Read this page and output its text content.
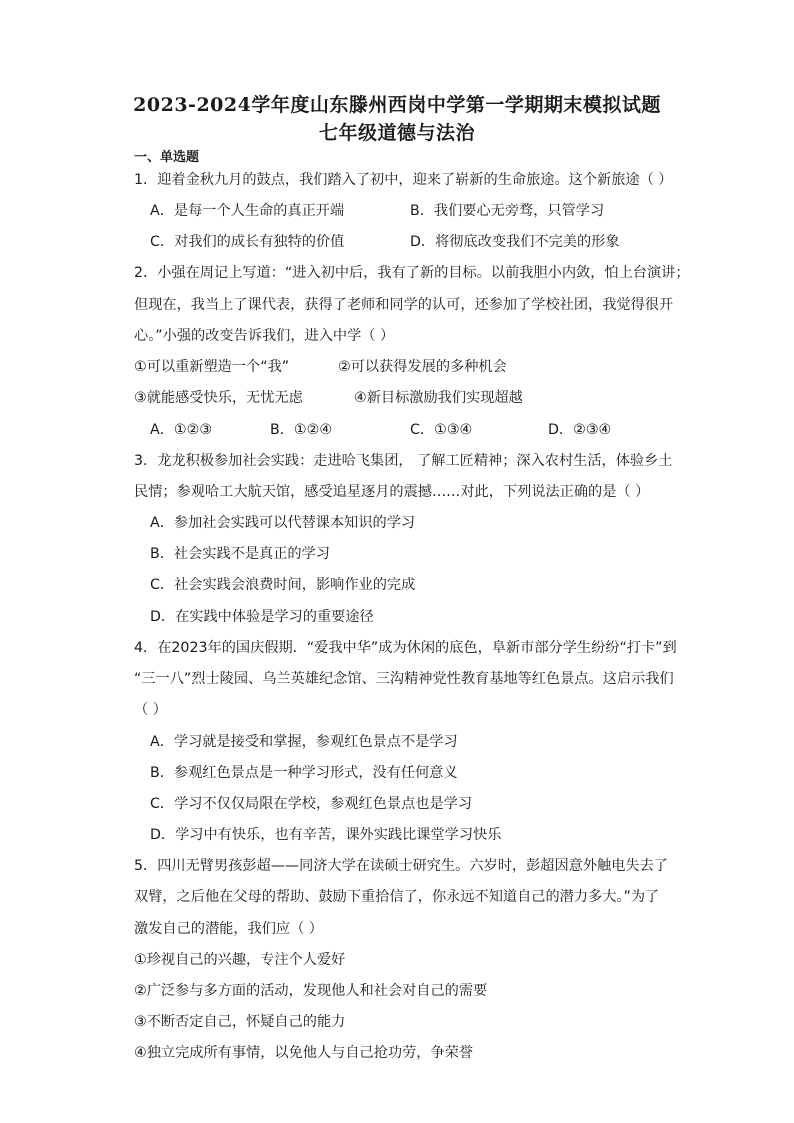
2023-2024学年度山东滕州西岗中学第一学期期末模拟试题
七年级道德与法治
一、单选题
1．迎着金秋九月的鼓点，我们踏入了初中，迎来了崭新的生命旅途。这个新旅途（ ）
A．是每一个人生命的真正开端	B．我们要心无旁骛，只管学习
C．对我们的成长有独特的价值	D．将彻底改变我们不完美的形象
2．小强在周记上写道：“进入初中后，我有了新的目标。以前我胆小内敛，怕上台演讲；
但现在，我当上了课代表，获得了老师和同学的认可，还参加了学校社团，我觉得很开
心。”小强的改变告诉我们，进入中学（ ）
①可以重新塑造一个“我”	②可以获得发展的多种机会
③就能感受快乐，无忧无虑	④新目标激励我们实现超越
A．①②③	B．①②④	C．①③④	D．②③④
3．龙龙积极参加社会实践：走进哈飞集团， 了解工匠精神；深入农村生活，体验乡土
民情；参观哈工大航天馆，感受追星逐月的震撼……对此，下列说法正确的是（ ）
A．参加社会实践可以代替课本知识的学习
B．社会实践不是真正的学习
C．社会实践会浪费时间，影响作业的完成
D．在实践中体验是学习的重要途径
4．在2023年的国庆假期．“爱我中华”成为休闲的底色，阜新市部分学生纷纷“打卡”到
“三一八”烈士陵园、乌兰英雄纪念馆、三沟精神党性教育基地等红色景点。这启示我们
（ ）
A．学习就是接受和掌握，参观红色景点不是学习
B．参观红色景点是一种学习形式，没有任何意义
C．学习不仅仅局限在学校，参观红色景点也是学习
D．学习中有快乐，也有辛苦，课外实践比课堂学习快乐
5．四川无臂男孩彭超——同济大学在读硕士研究生。六岁时，彭超因意外触电失去了
双臂，之后他在父母的帮助、鼓励下重拾信了，你永远不知道自己的潜力多大。”为了
激发自己的潜能，我们应（ ）
①珍视自己的兴趣，专注个人爱好
②广泛参与多方面的活动，发现他人和社会对自己的需要
③不断否定自己，怀疑自己的能力
④独立完成所有事情，以免他人与自己抢功劳，争荣誉
